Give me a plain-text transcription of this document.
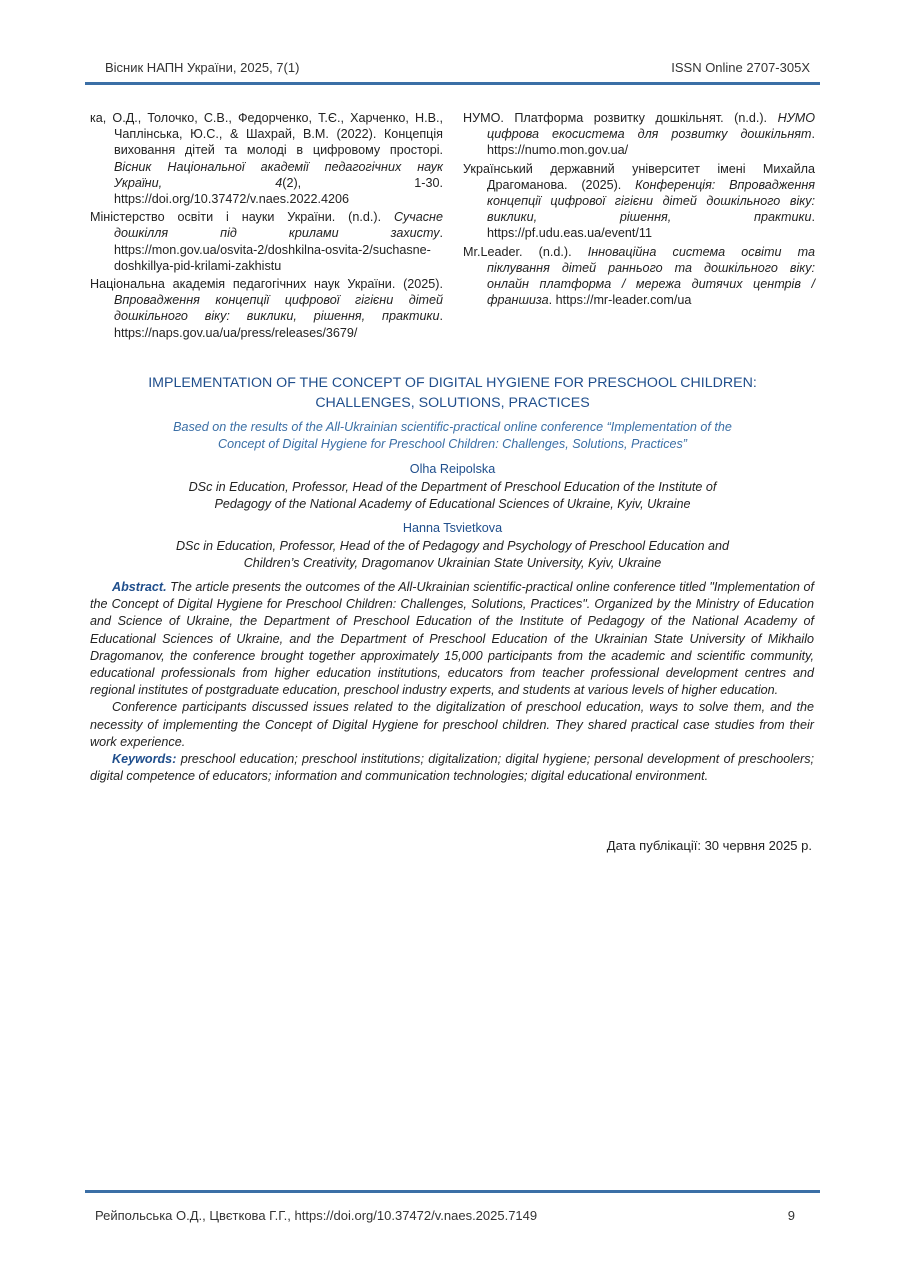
Вісник НАПН України, 2025, 7(1)	ISSN Online 2707-305X
ка, О.Д., Толочко, С.В., Федорченко, Т.Є., Харченко, Н.В., Чаплінська, Ю.С., & Шахрай, В.М. (2022). Концепція виховання дітей та молоді в цифровому просторі. Вісник Національної академії педагогічних наук України, 4(2), 1-30. https://doi.org/10.37472/v.naes.2022.4206
Міністерство освіти і науки України. (n.d.). Сучасне дошкілля під крилами захисту. https://mon.gov.ua/osvita-2/doshkilna-osvita-2/suchasne-doshkillya-pid-krilami-zakhistu
Національна академія педагогічних наук України. (2025). Впровадження концепції цифрової гігієни дітей дошкільного віку: виклики, рішення, практики. https://naps.gov.ua/ua/press/releases/3679/
НУМО. Платформа розвитку дошкільнят. (n.d.). НУМО цифрова екосистема для розвитку дошкільнят. https://numo.mon.gov.ua/
Український державний університет імені Михайла Драгоманова. (2025). Конференція: Впровадження концепції цифрової гігієни дітей дошкільного віку: виклики, рішення, практики. https://pf.udu.eas.ua/event/11
Mr.Leader. (n.d.). Інноваційна система освіти та піклування дітей раннього та дошкільного віку: онлайн платформа / мережа дитячих центрів / франшиза. https://mr-leader.com/ua
IMPLEMENTATION OF THE CONCEPT OF DIGITAL HYGIENE FOR PRESCHOOL CHILDREN:
CHALLENGES, SOLUTIONS, PRACTICES
Based on the results of the All-Ukrainian scientific-practical online conference “Implementation of the
Concept of Digital Hygiene for Preschool Children: Challenges, Solutions, Practices”
Olha Reipolska
DSc in Education, Professor, Head of the Department of Preschool Education of the Institute of
Pedagogy of the National Academy of Educational Sciences of Ukraine, Kyiv, Ukraine
Hanna Tsvietkova
DSc in Education, Professor, Head of the of Pedagogy and Psychology of Preschool Education and
Children’s Creativity, Dragomanov Ukrainian State University, Kyiv, Ukraine

Abstract. The article presents the outcomes of the All-Ukrainian scientific-practical online conference titled "Implementation of the Concept of Digital Hygiene for Preschool Children: Challenges, Solutions, Practices". Organized by the Ministry of Education and Science of Ukraine, the Department of Preschool Education of the Institute of Pedagogy of the National Academy of Educational Sciences of Ukraine, and the Department of Preschool Education of the Ukrainian State University of Mikhailo Dragomanov, the conference brought together approximately 15,000 participants from the academic and scientific community, educational professionals from higher education institutions, educators from teacher professional development centres and regional institutes of postgraduate education, preschool industry experts, and students at various levels of higher education.

Conference participants discussed issues related to the digitalization of preschool education, ways to solve them, and the necessity of implementing the Concept of Digital Hygiene for preschool children. They shared practical case studies from their work experience.

Keywords: preschool education; preschool institutions; digitalization; digital hygiene; personal development of preschoolers; digital competence of educators; information and communication technologies; digital educational environment.

Дата публікації: 30 червня 2025 р.
Рейпольська О.Д., Цвєткова Г.Г., https://doi.org/10.37472/v.naes.2025.7149	9
